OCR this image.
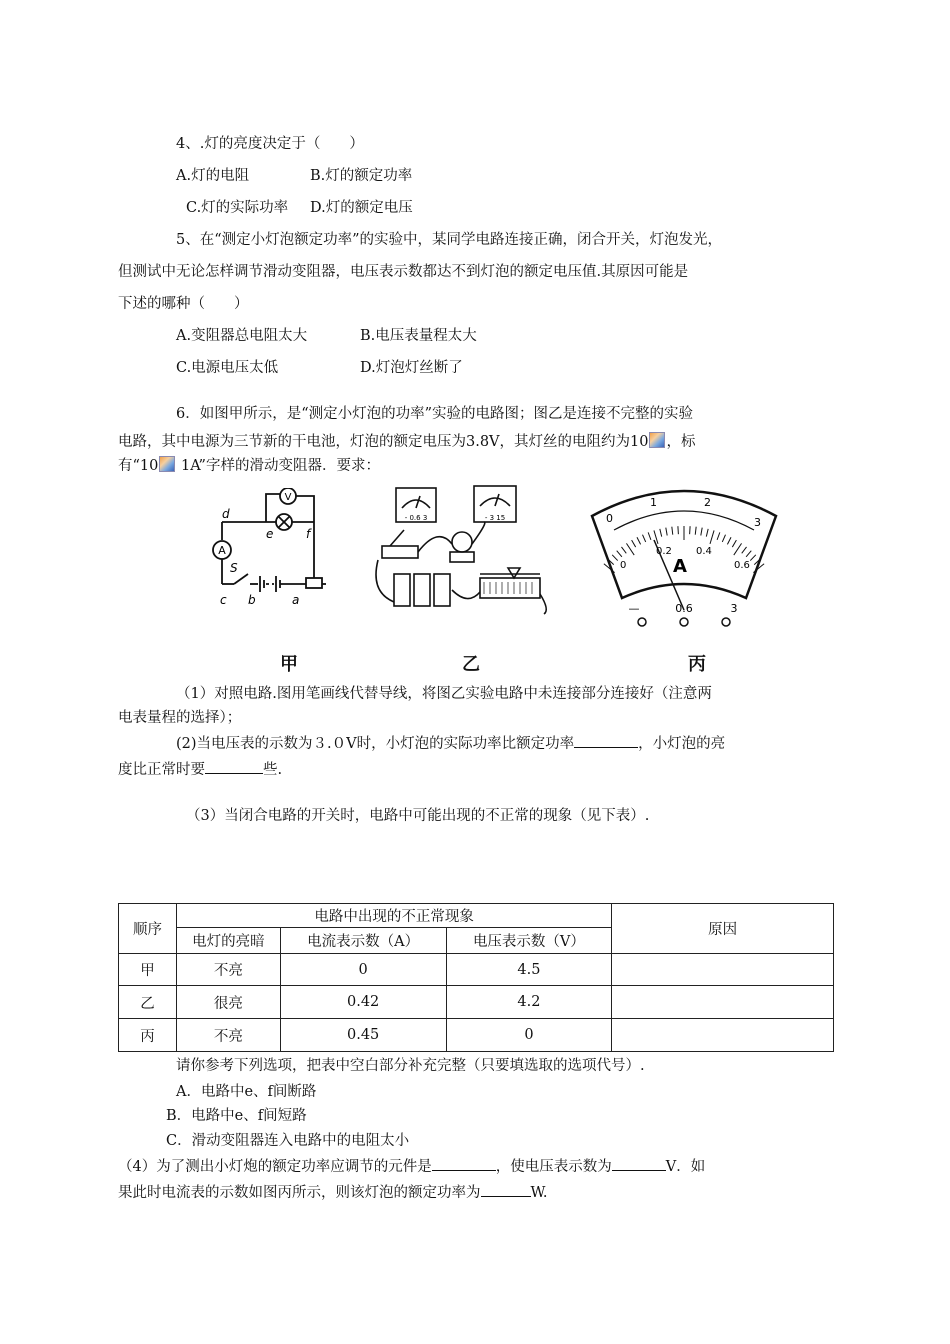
4、.灯的亮度决定于（　　）
A.灯的电阻	B.灯的额定功率
C.灯的实际功率 D.灯的额定电压
5、在“测定小灯泡额定功率”的实验中，某同学电路连接正确，闭合开关，灯泡发光，
但测试中无论怎样调节滑动变阻器，电压表示数都达不到灯泡的额定电压值.其原因可能是
下述的哪种（　　）
A.变阻器总电阻太大	B.电压表量程太大
C.电源电压太低	D.灯泡灯丝断了
6．如图甲所示，是“测定小灯泡的功率”实验的电路图；图乙是连接不完整的实验
电路，其中电源为三节新的干电池，灯泡的额定电压为3.8V，其灯丝的电阻约为10 ，标
有“10 1A”字样的滑动变阻器．要求：
V
A
d
e	f
S
c b	a
- 0.6 3	- 3 15	0
1	2
3
0
0.2 0.4
0.6
A
—	0.6	3
甲	乙	丙
（1）对照电路.图用笔画线代替导线，将图乙实验电路中未连接部分连接好（注意两
电表量程的选择）；
(2)当电压表的示数为３.０V时，小灯泡的实际功率比额定功率	，小灯泡的亮
度比正常时要	些.
（3）当闭合电路的开关时，电路中可能出现的不正常的现象（见下表）.
顺序	电路中出现的不正常现象			原因
	电灯的亮暗	电流表示数（A）	电压表示数（V）	
甲	不亮	0	4.5	
乙	很亮	0.42	4.2	
丙	不亮	0.45	0	
请你参考下列选项，把表中空白部分补充完整（只要填选取的选项代号）.
A．电路中e、f间断路
B．电路中e、f间短路
C．滑动变阻器连入电路中的电阻太小
（4）为了测出小灯炮的额定功率应调节的元件是	，使电压表示数为	V．如
果此时电流表的示数如图丙所示，则该灯泡的额定功率为	W.
